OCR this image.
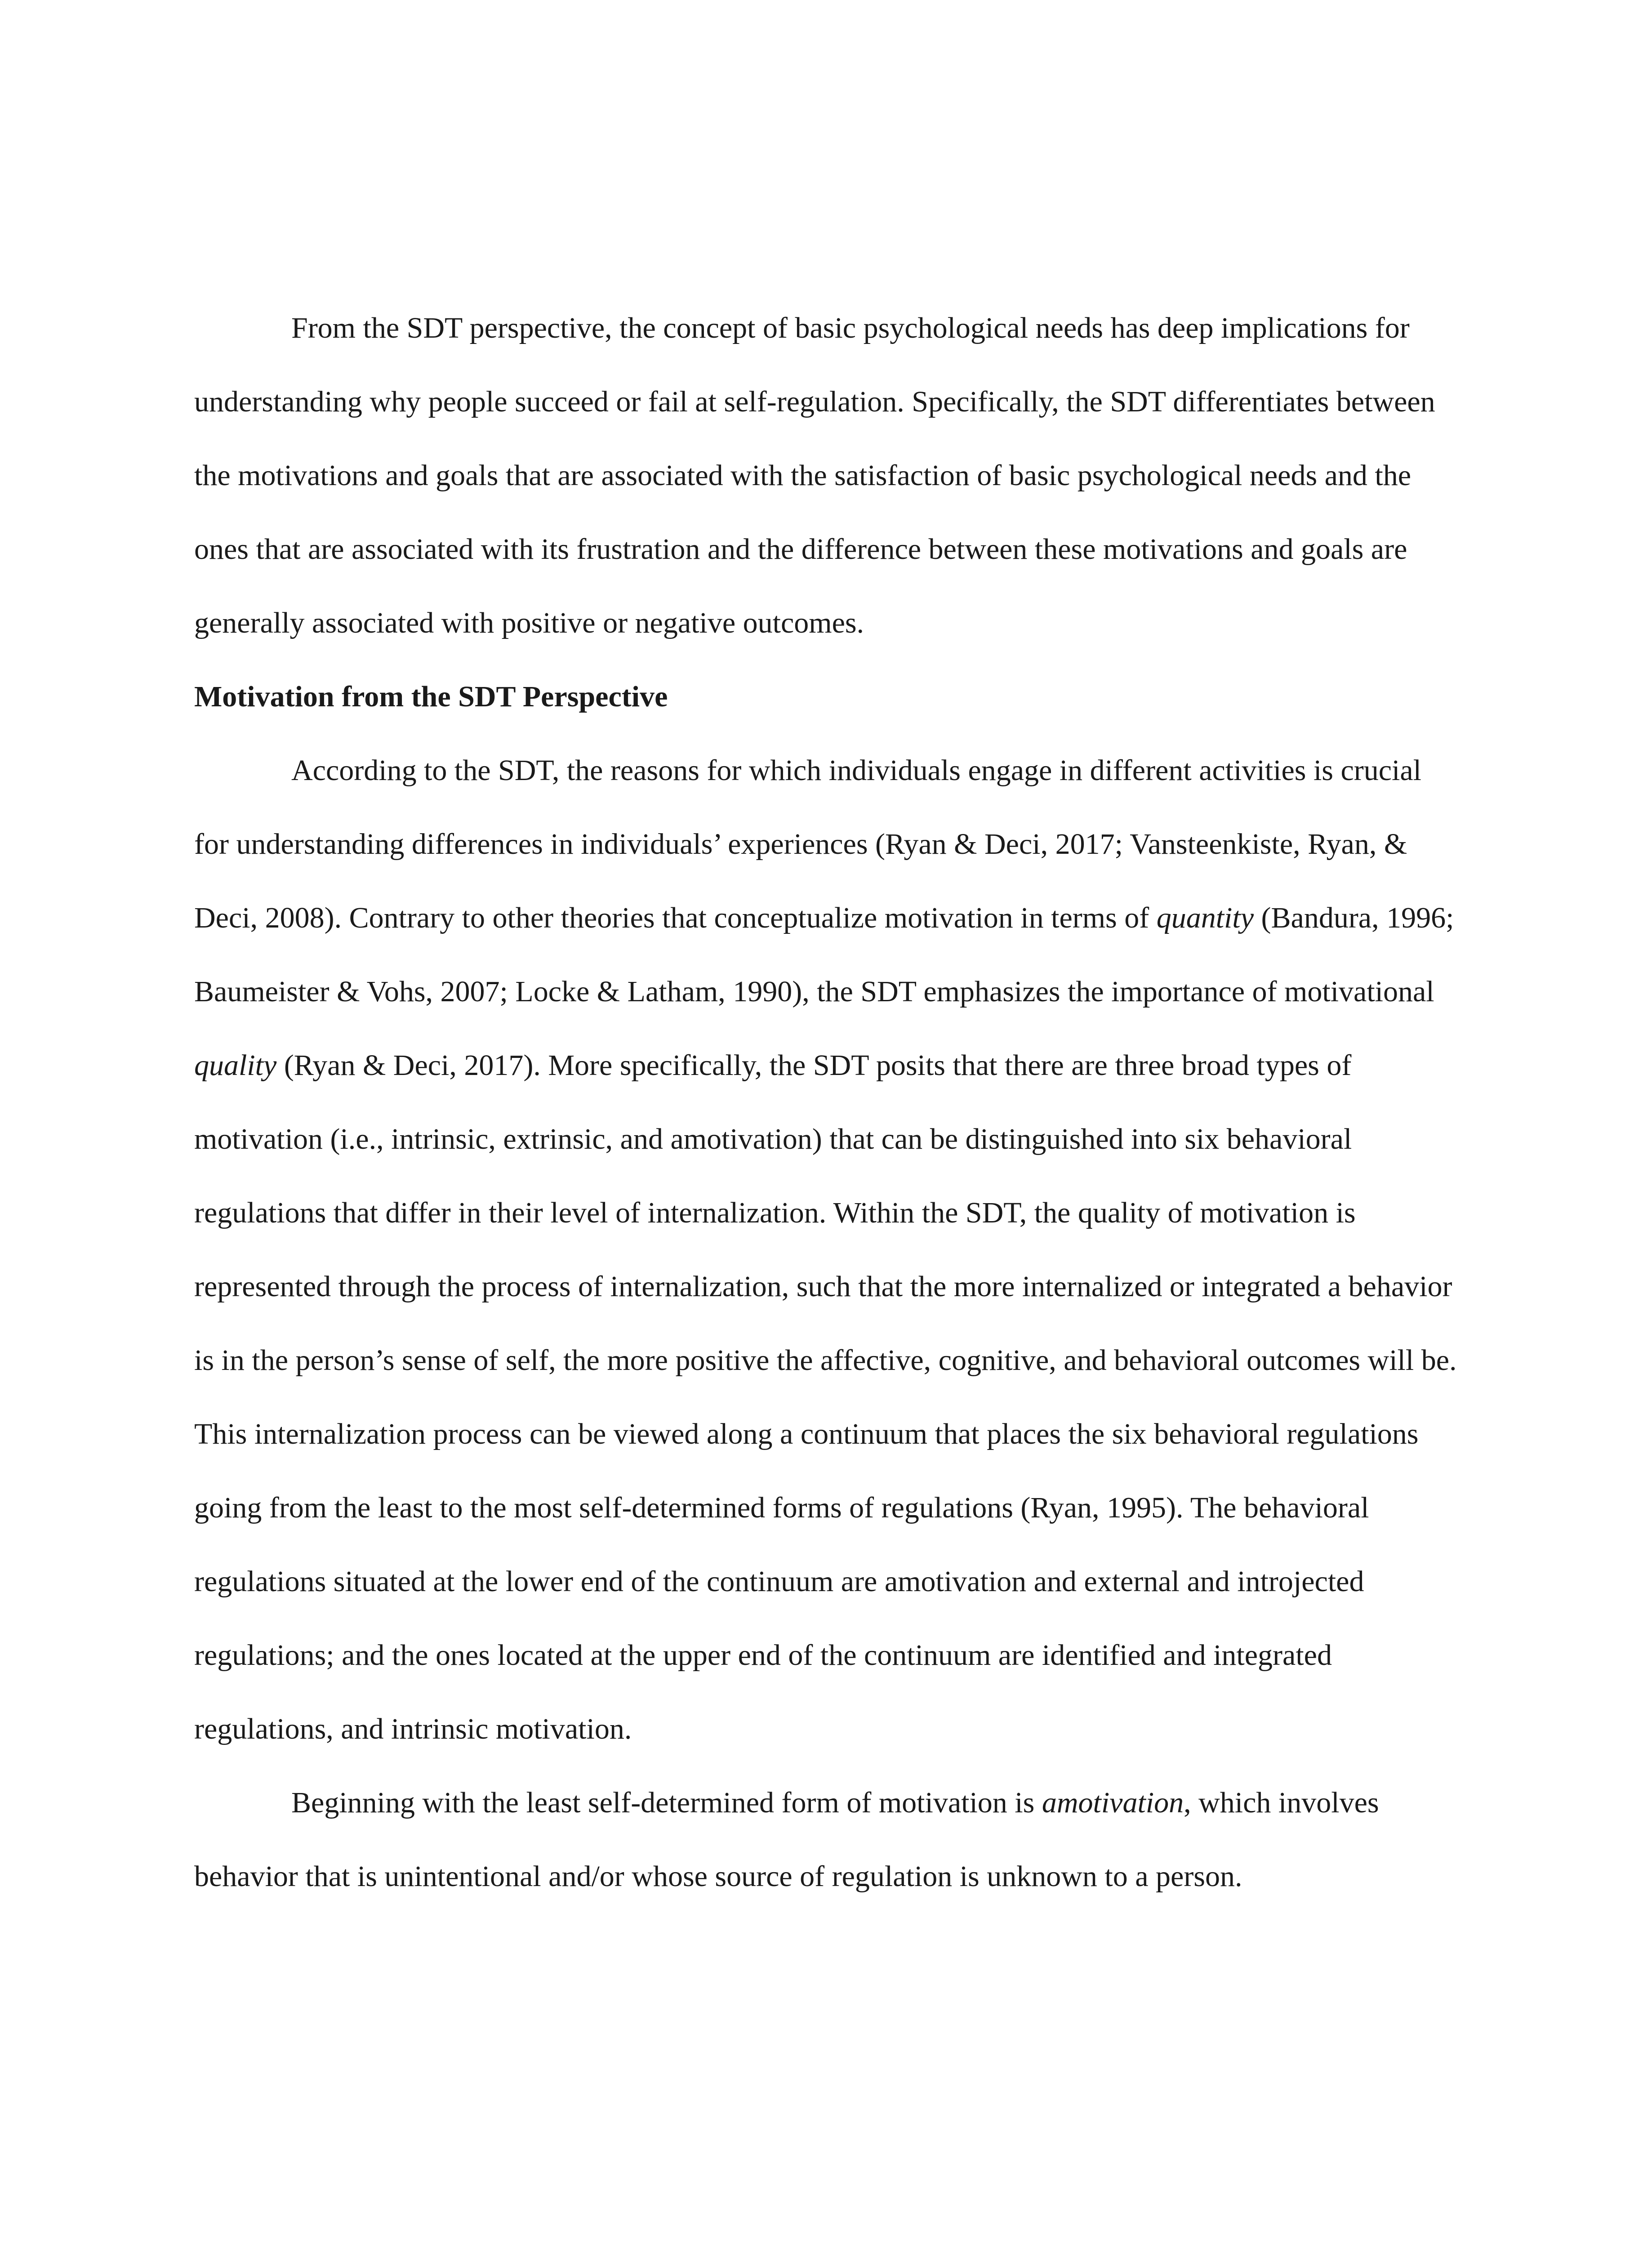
From the SDT perspective, the concept of basic psychological needs has deep implications for understanding why people succeed or fail at self-regulation. Specifically, the SDT differentiates between the motivations and goals that are associated with the satisfaction of basic psychological needs and the ones that are associated with its frustration and the difference between these motivations and goals are generally associated with positive or negative outcomes.

Motivation from the SDT Perspective

According to the SDT, the reasons for which individuals engage in different activities is crucial for understanding differences in individuals’ experiences (Ryan & Deci, 2017; Vansteenkiste, Ryan, & Deci, 2008). Contrary to other theories that conceptualize motivation in terms of quantity (Bandura, 1996; Baumeister & Vohs, 2007; Locke & Latham, 1990), the SDT emphasizes the importance of motivational quality (Ryan & Deci, 2017). More specifically, the SDT posits that there are three broad types of motivation (i.e., intrinsic, extrinsic, and amotivation) that can be distinguished into six behavioral regulations that differ in their level of internalization. Within the SDT, the quality of motivation is represented through the process of internalization, such that the more internalized or integrated a behavior is in the person’s sense of self, the more positive the affective, cognitive, and behavioral outcomes will be. This internalization process can be viewed along a continuum that places the six behavioral regulations going from the least to the most self-determined forms of regulations (Ryan, 1995). The behavioral regulations situated at the lower end of the continuum are amotivation and external and introjected regulations; and the ones located at the upper end of the continuum are identified and integrated regulations, and intrinsic motivation.

Beginning with the least self-determined form of motivation is amotivation, which involves behavior that is unintentional and/or whose source of regulation is unknown to a person.
